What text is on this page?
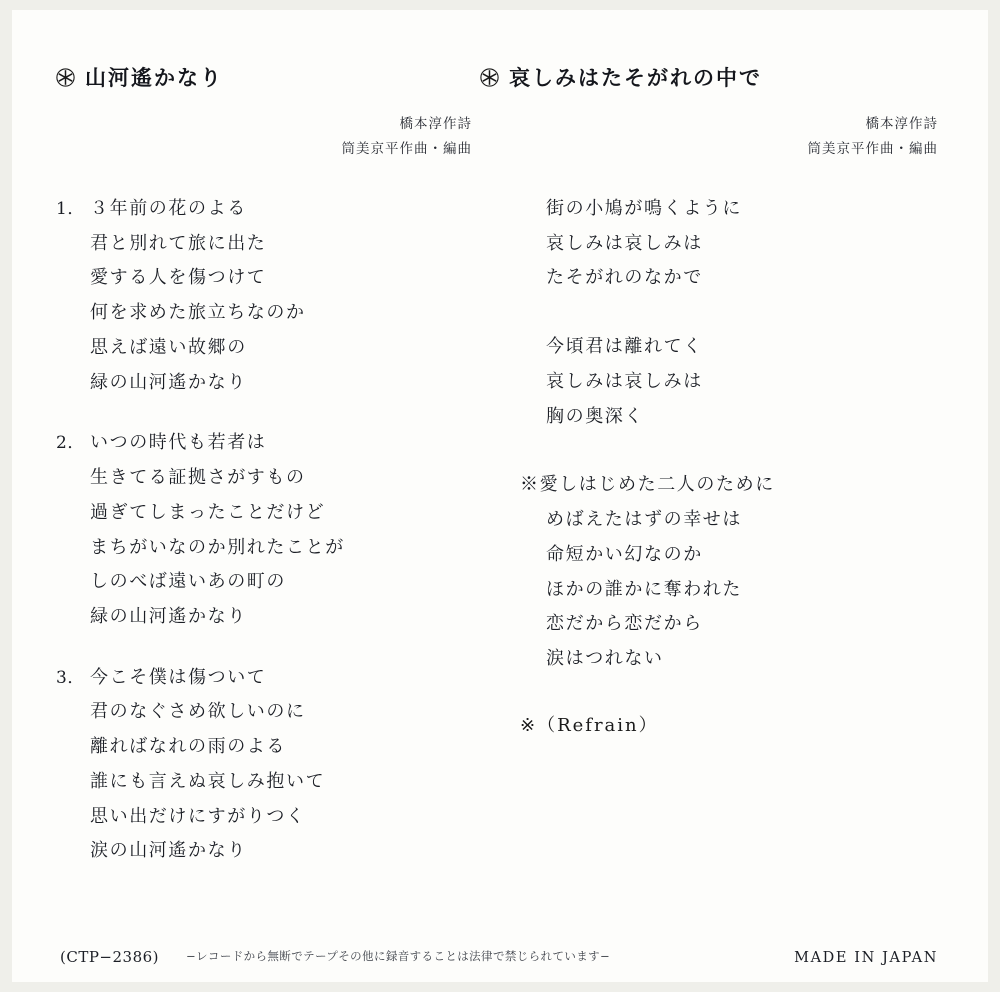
山河遙かなり
橋本淳作詩
筒美京平作曲・編曲
1． ３年前の花のよる
君と別れて旅に出た
愛する人を傷つけて
何を求めた旅立ちなのか
思えば遠い故郷の
緑の山河遙かなり
2． いつの時代も若者は
生きてる証拠さがすもの
過ぎてしまったことだけど
まちがいなのか別れたことが
しのべば遠いあの町の
緑の山河遙かなり
3． 今こそ僕は傷ついて
君のなぐさめ欲しいのに
離ればなれの雨のよる
誰にも言えぬ哀しみ抱いて
思い出だけにすがりつく
涙の山河遙かなり
哀しみはたそがれの中で
橋本淳作詩
筒美京平作曲・編曲
街の小鳩が鳴くように
哀しみは哀しみは
たそがれのなかで
今頃君は離れてく
哀しみは哀しみは
胸の奥深く
※愛しはじめた二人のために
めばえたはずの幸せは
命短かい幻なのか
ほかの誰かに奪われた
恋だから恋だから
涙はつれない
※（Refrain）
(CTP−2386) −レコードから無断でテープその他に録音することは法律で禁じられています−	MADE IN JAPAN
